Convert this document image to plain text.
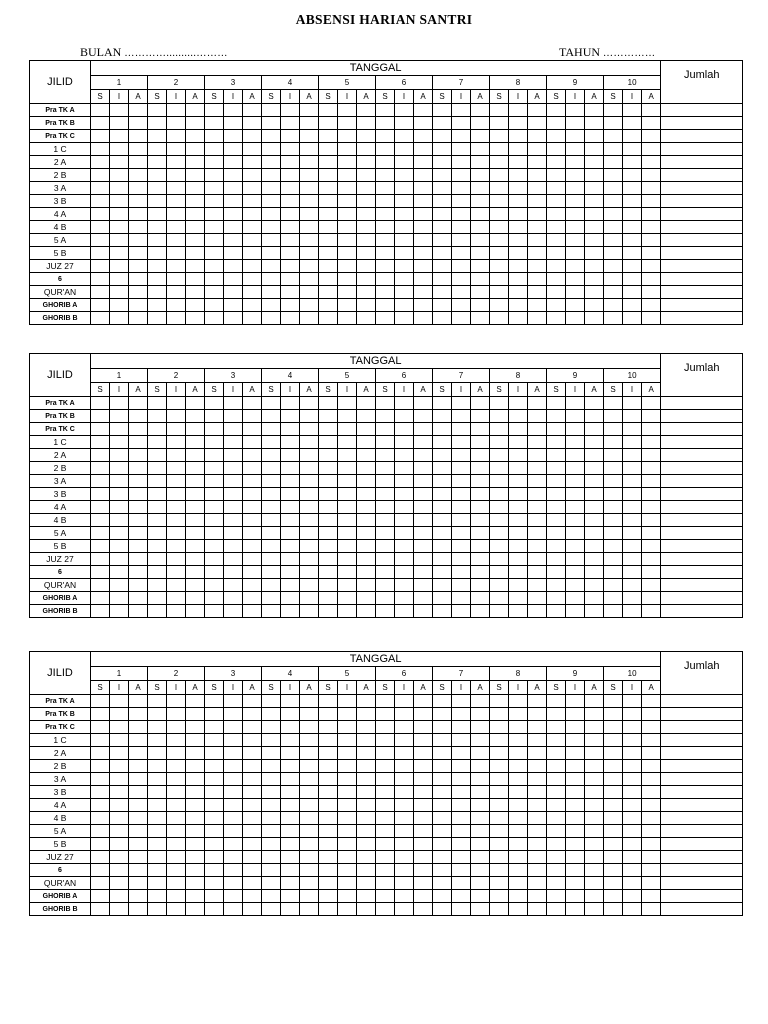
ABSENSI HARIAN SANTRI
BULAN …………..........………	TAHUN ……………
JILID	TANGGAL																														Jumlah
	1			2			3			4			5			6			7			8			9			10			
	S	I	A	S	I	A	S	I	A	S	I	A	S	I	A	S	I	A	S	I	A	S	I	A	S	I	A	S	I	A	
Pra TK A																															
Pra TK B																															
Pra TK C																															
1 C																															
2 A																															
2 B																															
3 A																															
3 B																															
4 A																															
4 B																															
5 A																															
5 B																															
JUZ 27																															
6																															
QUR'AN																															
GHORIB A																															
GHORIB B																															
JILID	TANGGAL																														Jumlah
	1			2			3			4			5			6			7			8			9			10			
	S	I	A	S	I	A	S	I	A	S	I	A	S	I	A	S	I	A	S	I	A	S	I	A	S	I	A	S	I	A	
Pra TK A																															
Pra TK B																															
Pra TK C																															
1 C																															
2 A																															
2 B																															
3 A																															
3 B																															
4 A																															
4 B																															
5 A																															
5 B																															
JUZ 27																															
6																															
QUR'AN																															
GHORIB A																															
GHORIB B																															
JILID	TANGGAL																														Jumlah
	1			2			3			4			5			6			7			8			9			10			
	S	I	A	S	I	A	S	I	A	S	I	A	S	I	A	S	I	A	S	I	A	S	I	A	S	I	A	S	I	A	
Pra TK A																															
Pra TK B																															
Pra TK C																															
1 C																															
2 A																															
2 B																															
3 A																															
3 B																															
4 A																															
4 B																															
5 A																															
5 B																															
JUZ 27																															
6																															
QUR'AN																															
GHORIB A																															
GHORIB B																															
